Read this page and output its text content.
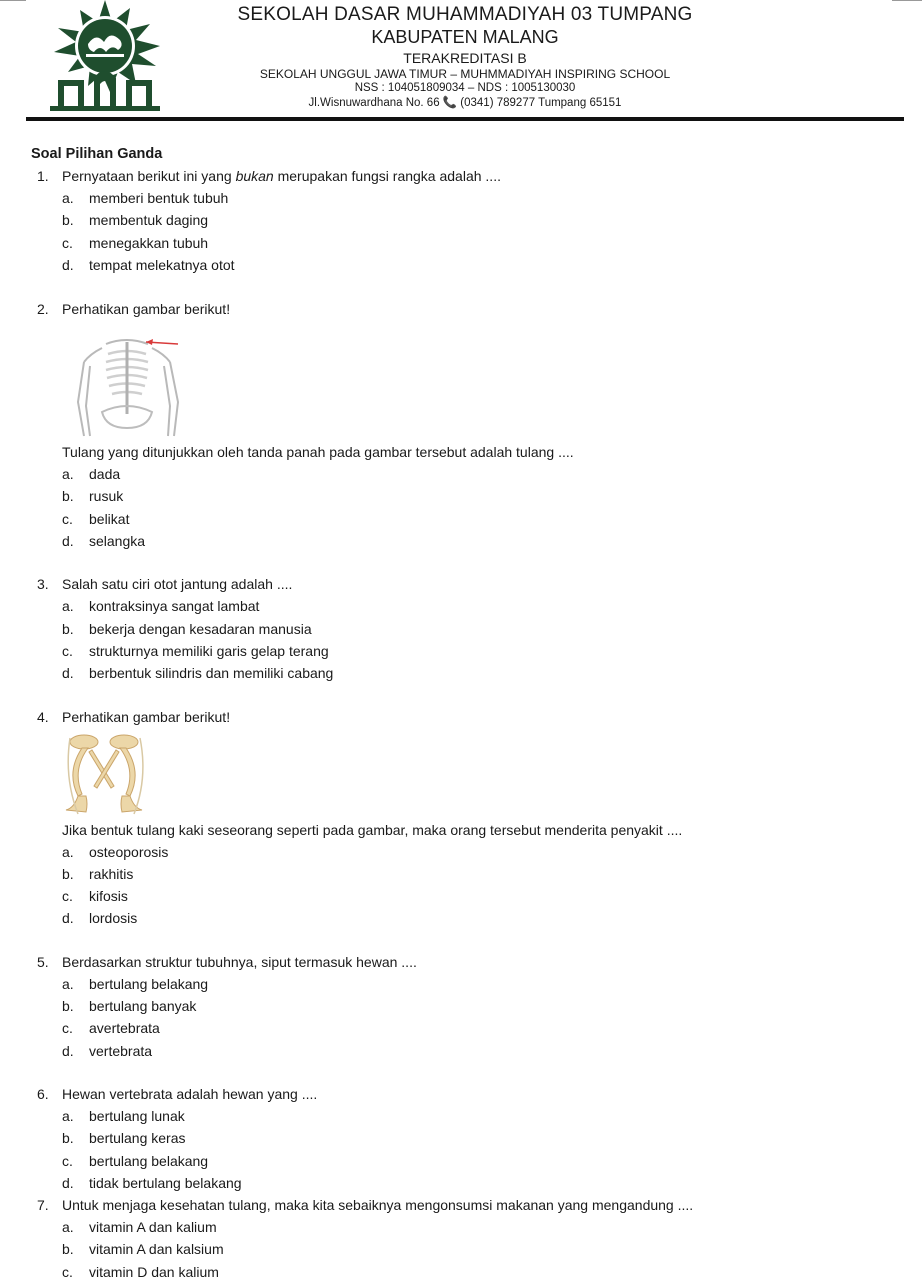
SEKOLAH DASAR MUHAMMADIYAH 03 TUMPANG
KABUPATEN MALANG
TERAKREDITASI B
SEKOLAH UNGGUL JAWA TIMUR – MUHMMADIYAH INSPIRING SCHOOL
NSS : 104051809034 – NDS : 1005130030
Jl.Wisnuwardhana No. 66 📞 (0341) 789277 Tumpang 65151
Soal Pilihan Ganda
1. Pernyataan berikut ini yang bukan merupakan fungsi rangka adalah ....
a.	memberi bentuk tubuh
b.	membentuk daging
c.	menegakkan tubuh
d.	tempat melekatnya otot
2. Perhatikan gambar berikut!
Tulang yang ditunjukkan oleh tanda panah pada gambar tersebut adalah tulang ....
a.	dada
b.	rusuk
c.	belikat
d.	selangka
3. Salah satu ciri otot jantung adalah ....
a.	kontraksinya sangat lambat
b.	bekerja dengan kesadaran manusia
c.	strukturnya memiliki garis gelap terang
d.	berbentuk silindris dan memiliki cabang
4. Perhatikan gambar berikut!
Jika bentuk tulang kaki seseorang seperti pada gambar, maka orang tersebut menderita penyakit ....
a.	osteoporosis
b.	rakhitis
c.	kifosis
d.	lordosis
5. Berdasarkan struktur tubuhnya, siput termasuk hewan ....
a.	bertulang belakang
b.	bertulang banyak
c.	avertebrata
d.	vertebrata
6. Hewan vertebrata adalah hewan yang ....
a.	bertulang lunak
b.	bertulang keras
c.	bertulang belakang
d.	tidak bertulang belakang
7. Untuk menjaga kesehatan tulang, maka kita sebaiknya mengonsumsi makanan yang mengandung ....
a.	vitamin A dan kalium
b.	vitamin A dan kalsium
c.	vitamin D dan kalium
